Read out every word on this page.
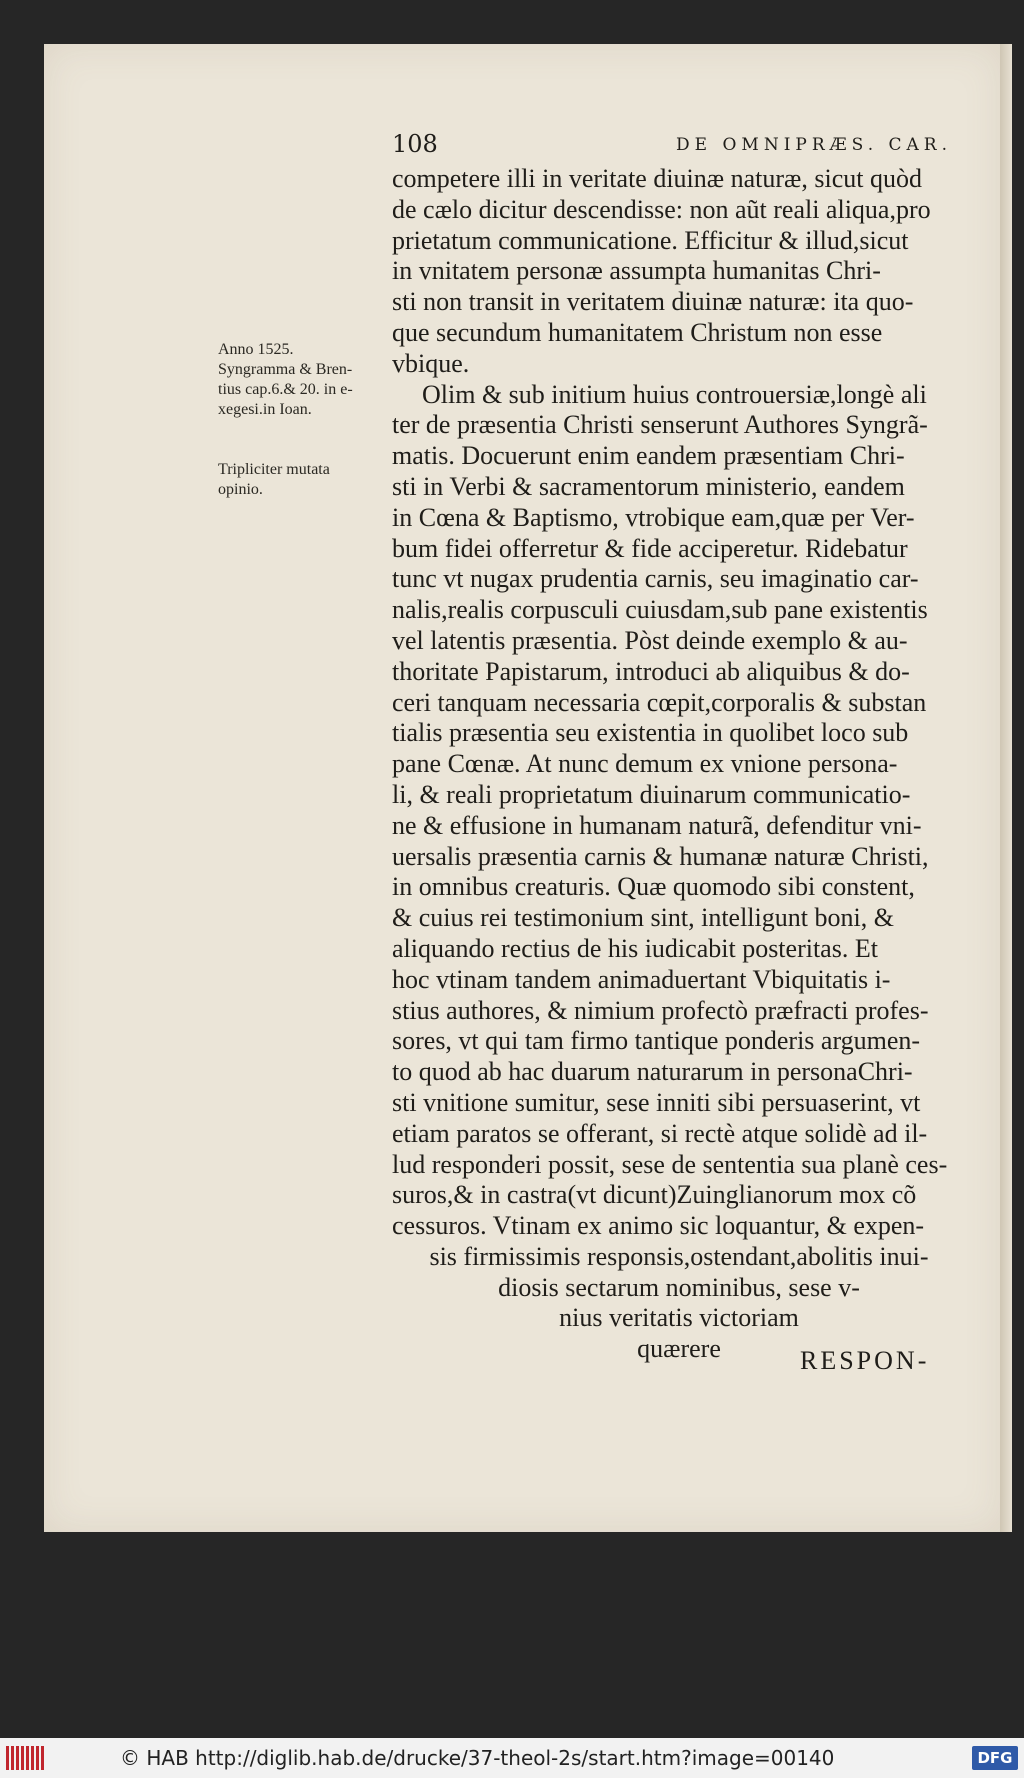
108	DE OMNIPRÆS. CAR.
Anno 1525.
Syngramma & Bren-
tius cap.6.& 20. in e-
xegesi.in Ioan.
Tripliciter mutata
opinio.
competere illi in veritate diuinæ naturæ, sicut quòd
de cælo dicitur descendisse: non aũt reali aliqua,pro
prietatum communicatione. Efficitur & illud,sicut
in vnitatem personæ assumpta humanitas Chri-
sti non transit in veritatem diuinæ naturæ: ita quo-
que secundum humanitatem Christum non esse
vbique.
Olim & sub initium huius controuersiæ,longè ali
ter de præsentia Christi senserunt Authores Syngrã-
matis. Docuerunt enim eandem præsentiam Chri-
sti in Verbi & sacramentorum ministerio, eandem
in Cœna & Baptismo, vtrobique eam,quæ per Ver-
bum fidei offerretur & fide acciperetur. Ridebatur
tunc vt nugax prudentia carnis, seu imaginatio car-
nalis,realis corpusculi cuiusdam,sub pane existentis
vel latentis præsentia. Pòst deinde exemplo & au-
thoritate Papistarum, introduci ab aliquibus & do-
ceri tanquam necessaria cœpit,corporalis & substan
tialis præsentia seu existentia in quolibet loco sub
pane Cœnæ. At nunc demum ex vnione persona-
li, & reali proprietatum diuinarum communicatio-
ne & effusione in humanam naturã, defenditur vni-
uersalis præsentia carnis & humanæ naturæ Christi,
in omnibus creaturis. Quæ quomodo sibi constent,
& cuius rei testimonium sint, intelligunt boni, &
aliquando rectius de his iudicabit posteritas. Et
hoc vtinam tandem animaduertant Vbiquitatis i-
stius authores, & nimium profectò præfracti profes-
sores, vt qui tam firmo tantique ponderis argumen-
to quod ab hac duarum naturarum in personaChri-
sti vnitione sumitur, sese inniti sibi persuaserint, vt
etiam paratos se offerant, si rectè atque solidè ad il-
lud responderi possit, sese de sententia sua planè ces-
suros,& in castra(vt dicunt)Zuinglianorum mox cõ
cessuros. Vtinam ex animo sic loquantur, & expen-
sis firmissimis responsis,ostendant,abolitis inui-
diosis sectarum nominibus, sese v-
nius veritatis victoriam
quærere	RESPON-
© HAB http://diglib.hab.de/drucke/37-theol-2s/start.htm?image=00140	DFG
